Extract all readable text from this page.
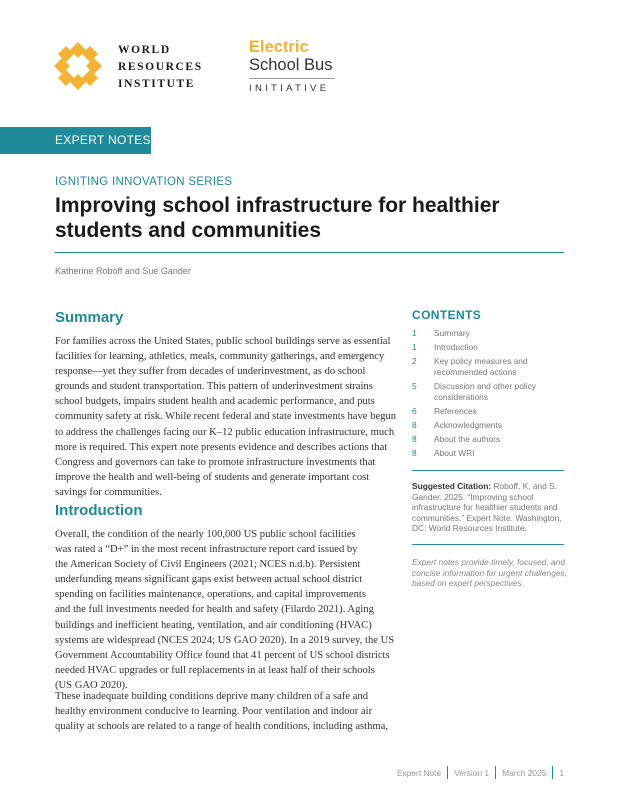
WORLD
RESOURCES
INSTITUTE
Electric
School Bus
INITIATIVE
EXPERT NOTES
IGNITING INNOVATION SERIES
Improving school infrastructure for healthier
students and communities
Katherine Roboff and Sue Gander
Summary
For families across the United States, public school buildings serve as essential
facilities for learning, athletics, meals, community gatherings, and emergency
response—yet they suffer from decades of underinvestment, as do school
grounds and student transportation. This pattern of underinvestment strains
school budgets, impairs student health and academic performance, and puts
community safety at risk. While recent federal and state investments have begun
to address the challenges facing our K–12 public education infrastructure, much
more is required. This expert note presents evidence and describes actions that
Congress and governors can take to promote infrastructure investments that
improve the health and well-being of students and generate important cost
savings for communities.
Introduction
Overall, the condition of the nearly 100,000 US public school facilities
was rated a “D+” in the most recent infrastructure report card issued by
the American Society of Civil Engineers (2021; NCES n.d.b). Persistent
underfunding means significant gaps exist between actual school district
spending on facilities maintenance, operations, and capital improvements
and the full investments needed for health and safety (Filardo 2021). Aging
buildings and inefficient heating, ventilation, and air conditioning (HVAC)
systems are widespread (NCES 2024; US GAO 2020). In a 2019 survey, the US
Government Accountability Office found that 41 percent of US school districts
needed HVAC upgrades or full replacements in at least half of their schools
(US GAO 2020).
These inadequate building conditions deprive many children of a safe and
healthy environment conducive to learning. Poor ventilation and indoor air
quality at schools are related to a range of health conditions, including asthma,
CONTENTS
1	Summary
1	Introduction
2	Key policy measures and recommended actions
5	Discussion and other policy considerations
6	References
8	Acknowledgments
8	About the authors
8	About WRI
Suggested Citation: Roboff, K. and S. Gander. 2025. “Improving school infrastructure for healthier students and communities.” Expert Note. Washington, DC: World Resources Institute.
Expert notes provide timely, focused, and concise information for urgent challenges, based on expert perspectives.
Expert Note Version 1 March 2025 1
